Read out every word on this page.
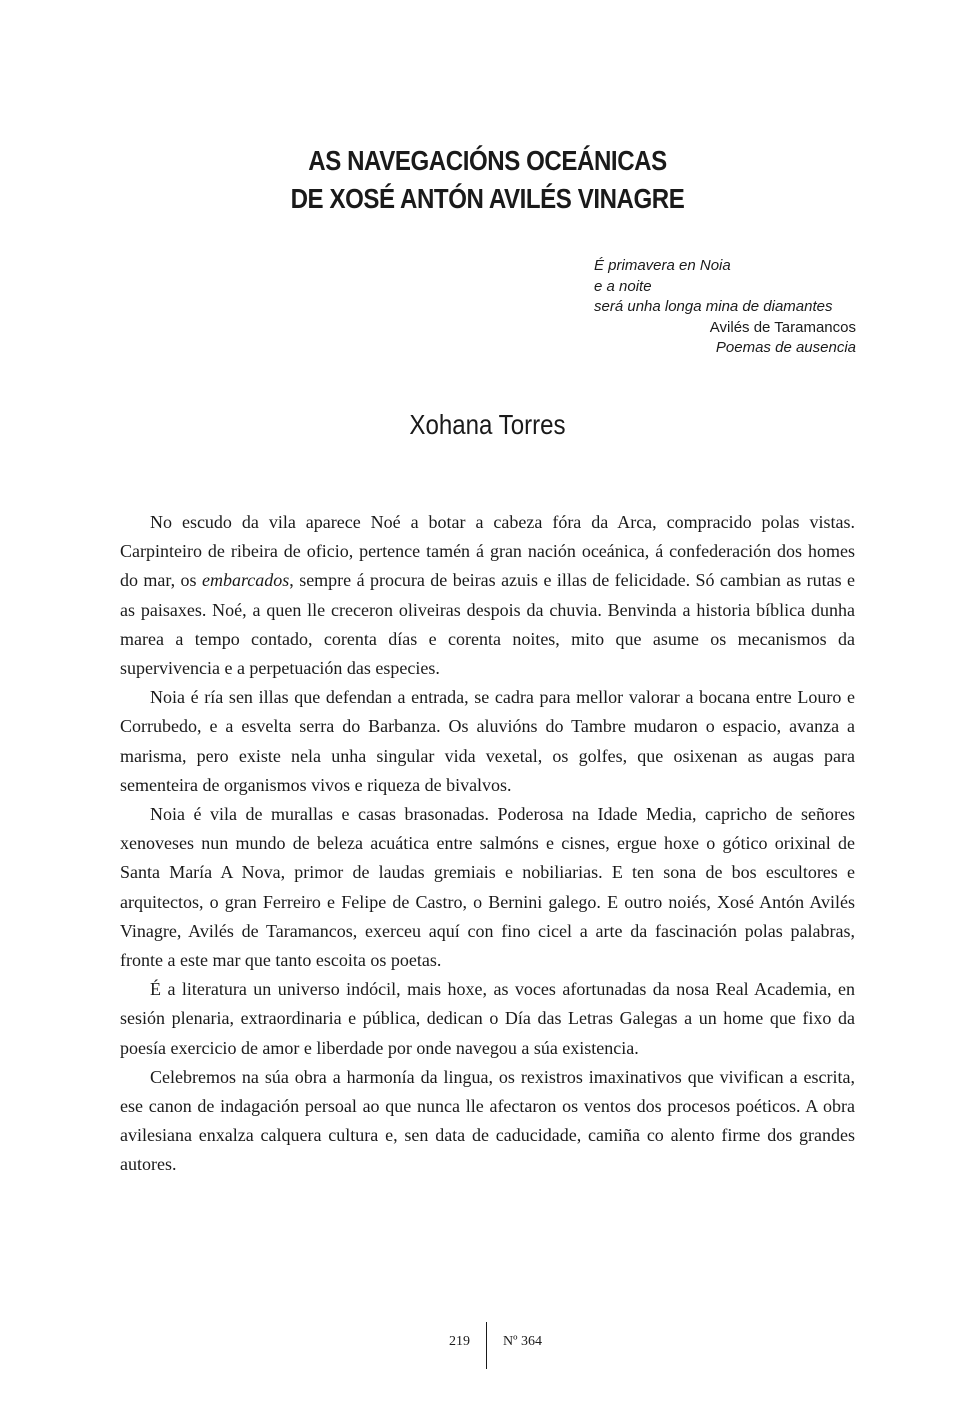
AS NAVEGACIÓNS OCEÁNICAS
DE XOSÉ ANTÓN AVILÉS VINAGRE
É primavera en Noia
e a noite
será unha longa mina de diamantes
Avilés de Taramancos
Poemas de ausencia
Xohana Torres

No escudo da vila aparece Noé a botar a cabeza fóra da Arca, compracido polas vistas. Carpinteiro de ribeira de oficio, pertence tamén á gran nación oceánica, á confederación dos homes do mar, os embarcados, sempre á procura de beiras azuis e illas de felicidade. Só cambian as rutas e as paisaxes. Noé, a quen lle creceron oliveiras despois da chuvia. Benvinda a historia bíblica dunha marea a tempo contado, corenta días e corenta noites, mito que asume os mecanismos da supervivencia e a perpetuación das especies.

Noia é ría sen illas que defendan a entrada, se cadra para mellor valorar a bocana entre Louro e Corrubedo, e a esvelta serra do Barbanza. Os aluvións do Tambre mudaron o espacio, avanza a marisma, pero existe nela unha singular vida vexetal, os golfes, que osixenan as augas para sementeira de organismos vivos e riqueza de bivalvos.

Noia é vila de murallas e casas brasonadas. Poderosa na Idade Media, capricho de señores xenoveses nun mundo de beleza acuática entre salmóns e cisnes, ergue hoxe o gótico orixinal de Santa María A Nova, primor de laudas gremiais e nobiliarias. E ten sona de bos escultores e arquitectos, o gran Ferreiro e Felipe de Castro, o Bernini galego. E outro noiés, Xosé Antón Avilés Vinagre, Avilés de Taramancos, exerceu aquí con fino cicel a arte da fascinación polas palabras, fronte a este mar que tanto escoita os poetas.

É a literatura un universo indócil, mais hoxe, as voces afortunadas da nosa Real Academia, en sesión plenaria, extraordinaria e pública, dedican o Día das Letras Galegas a un home que fixo da poesía exercicio de amor e liberdade por onde navegou a súa existencia.

Celebremos na súa obra a harmonía da lingua, os rexistros imaxinativos que vivifican a escrita, ese canon de indagación persoal ao que nunca lle afectaron os ventos dos procesos poéticos. A obra avilesiana enxalza calquera cultura e, sen data de caducidade, camiña co alento firme dos grandes autores.

219 Nº 364
